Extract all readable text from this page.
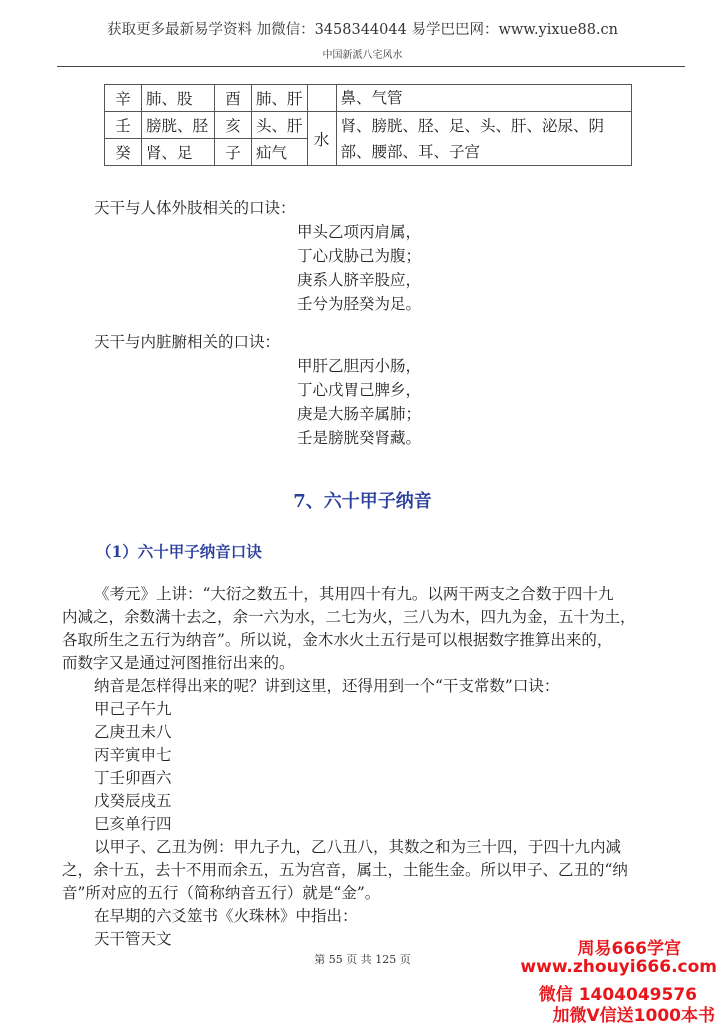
获取更多最新易学资料 加微信：3458344044 易学巴巴网：www.yixue88.cn
中国新派八宅风水
辛	肺、股	酉	肺、肝		鼻、气管
壬	膀胱、胫	亥	头、肝	水	肾、膀胱、胫、足、头、肝、泌尿、阴部、腰部、耳、子宫
癸	肾、足	子	疝气		
天干与人体外肢相关的口诀：
甲头乙项丙肩属，
丁心戊胁己为腹；
庚系人脐辛股应，
壬兮为胫癸为足。
天干与内脏腑相关的口诀：
甲肝乙胆丙小肠，
丁心戊胃己脾乡，
庚是大肠辛属肺；
壬是膀胱癸肾藏。
7、六十甲子纳音
（1）六十甲子纳音口诀
《考元》上讲：“大衍之数五十，其用四十有九。以两干两支之合数于四十九
内减之，余数满十去之，余一六为水，二七为火，三八为木，四九为金，五十为土，
各取所生之五行为纳音”。所以说，金木水火土五行是可以根据数字推算出来的，
而数字又是通过河图推衍出来的。
纳音是怎样得出来的呢？讲到这里，还得用到一个“干支常数”口诀：
甲己子午九
乙庚丑未八
丙辛寅申七
丁壬卯酉六
戊癸辰戌五
巳亥单行四
以甲子、乙丑为例：甲九子九，乙八丑八，其数之和为三十四，于四十九内减
之，余十五，去十不用而余五，五为宫音，属土，土能生金。所以甲子、乙丑的“纳
音”所对应的五行（简称纳音五行）就是“金”。
在早期的六爻筮书《火珠林》中指出：
天干管天文
第 55 页 共 125 页
周易666学宫
www.zhouyi666.com
微信 1404049576
加微V信送1000本书
